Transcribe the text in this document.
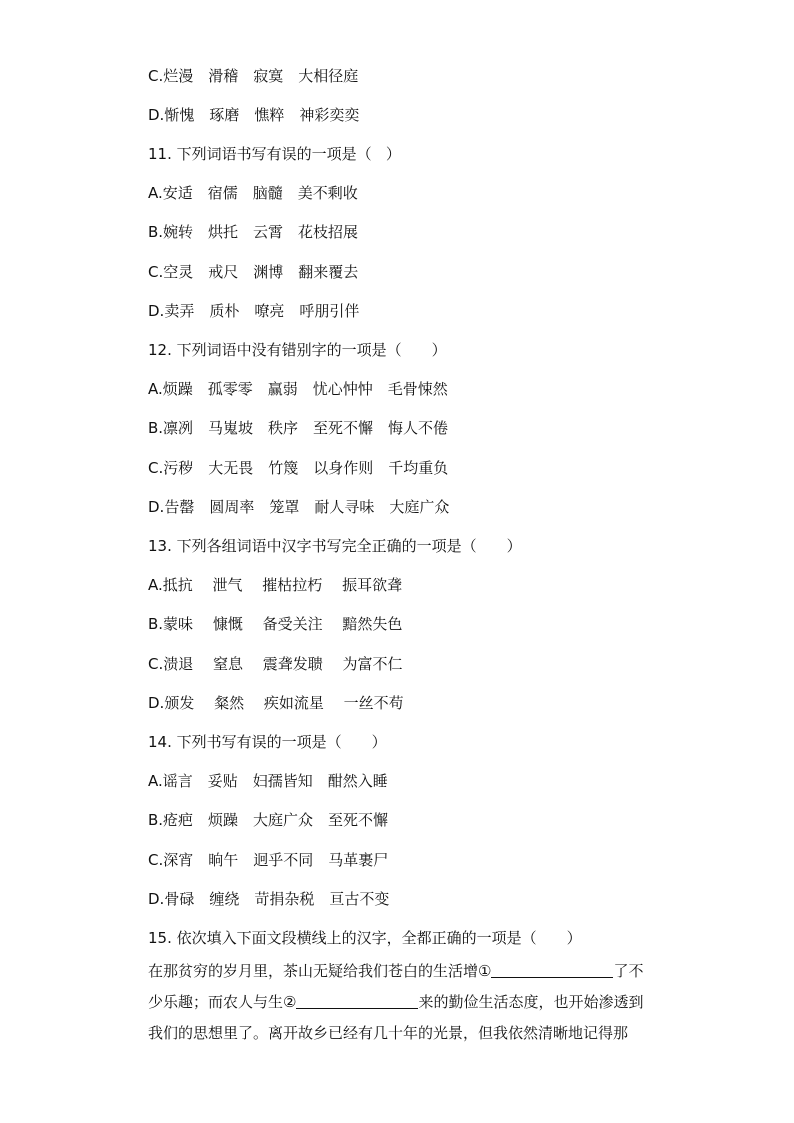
C.烂漫　滑稽　寂寞　大相径庭
D.惭愧　琢磨　憔粹　神彩奕奕
11. 下列词语书写有误的一项是（   ）
A.安适　宿儒　脑髓　美不剩收
B.婉转　烘托　云霄　花枝招展
C.空灵　戒尺　渊博　翻来覆去
D.卖弄　质朴　嘹亮　呼朋引伴
12. 下列词语中没有错别字的一项是（　　）
A.烦躁　孤零零　赢弱　忧心忡忡　毛骨悚然
B.凛冽　马嵬坡　秩序　至死不懈　悔人不倦
C.污秽　大无畏　竹篾　以身作则　千均重负
D.告罄　圆周率　笼罩　耐人寻味　大庭广众
13. 下列各组词语中汉字书写完全正确的一项是（　　）
A.抵抗　 泄气　 摧枯拉朽　 振耳欲聋
B.蒙味　 慷慨　 备受关注　 黯然失色
C.溃退　 窒息　 震聋发聩　 为富不仁
D.颁发　 粲然　 疾如流星　 一丝不苟
14. 下列书写有误的一项是（　　）
A.谣言　妥贴　妇孺皆知　酣然入睡
B.疮疤　烦躁　大庭广众　至死不懈
C.深宵　晌午　迥乎不同　马革裹尸
D.骨碌　缠绕　苛捐杂税　亘古不变
15. 依次填入下面文段横线上的汉字，全都正确的一项是（　　）
在那贫穷的岁月里，茶山无疑给我们苍白的生活增①	了不
少乐趣；而农人与生②	来的勤俭生活态度，也开始渗透到
我们的思想里了。离开故乡已经有几十年的光景，但我依然清晰地记得那
